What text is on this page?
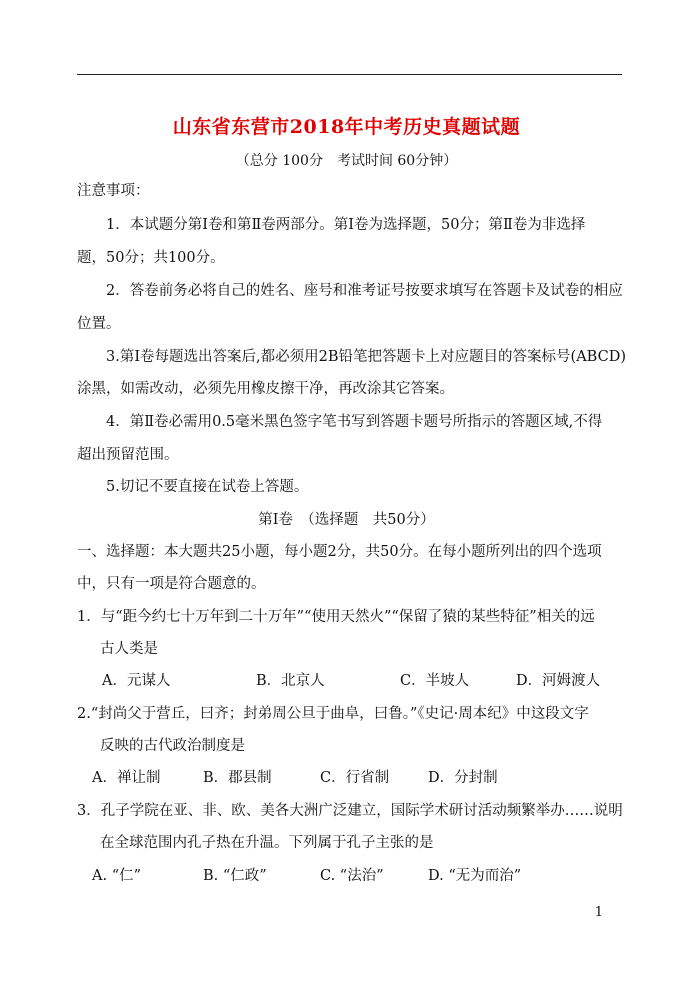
山东省东营市2018年中考历史真题试题
（总分 100分　考试时间 60分钟）
注意事项：
1．本试题分第Ⅰ卷和第Ⅱ卷两部分。第Ⅰ卷为选择题，50分；第Ⅱ卷为非选择
题，50分；共100分。
2．答卷前务必将自己的姓名、座号和准考证号按要求填写在答题卡及试卷的相应
位置。
3.第Ⅰ卷每题选出答案后,都必须用2B铅笔把答题卡上对应题目的答案标号(ABCD)
涂黑，如需改动，必须先用橡皮擦干净，再改涂其它答案。
4．第Ⅱ卷必需用0.5毫米黑色签字笔书写到答题卡题号所指示的答题区域,不得
超出预留范围。
5.切记不要直接在试卷上答题。
第Ⅰ卷　（选择题　共50分）
一、选择题：本大题共25小题，每小题2分，共50分。在每小题所列出的四个选项
中，只有一项是符合题意的。
1．与“距今约七十万年到二十万年”“使用天然火”“保留了猿的某些特征”相关的远
古人类是
A．元谋人	B．北京人	C．半坡人	D．河姆渡人
2.“封尚父于营丘，曰齐；封弟周公旦于曲阜，曰鲁。”《史记·周本纪》中这段文字
反映的古代政治制度是
A．禅让制	B．郡县制	C．行省制	D．分封制
3．孔子学院在亚、非、欧、美各大洲广泛建立，国际学术研讨活动频繁举办……说明
在全球范围内孔子热在升温。下列属于孔子主张的是
A. “仁”	B. “仁政”	C. “法治”	D. “无为而治”
1
